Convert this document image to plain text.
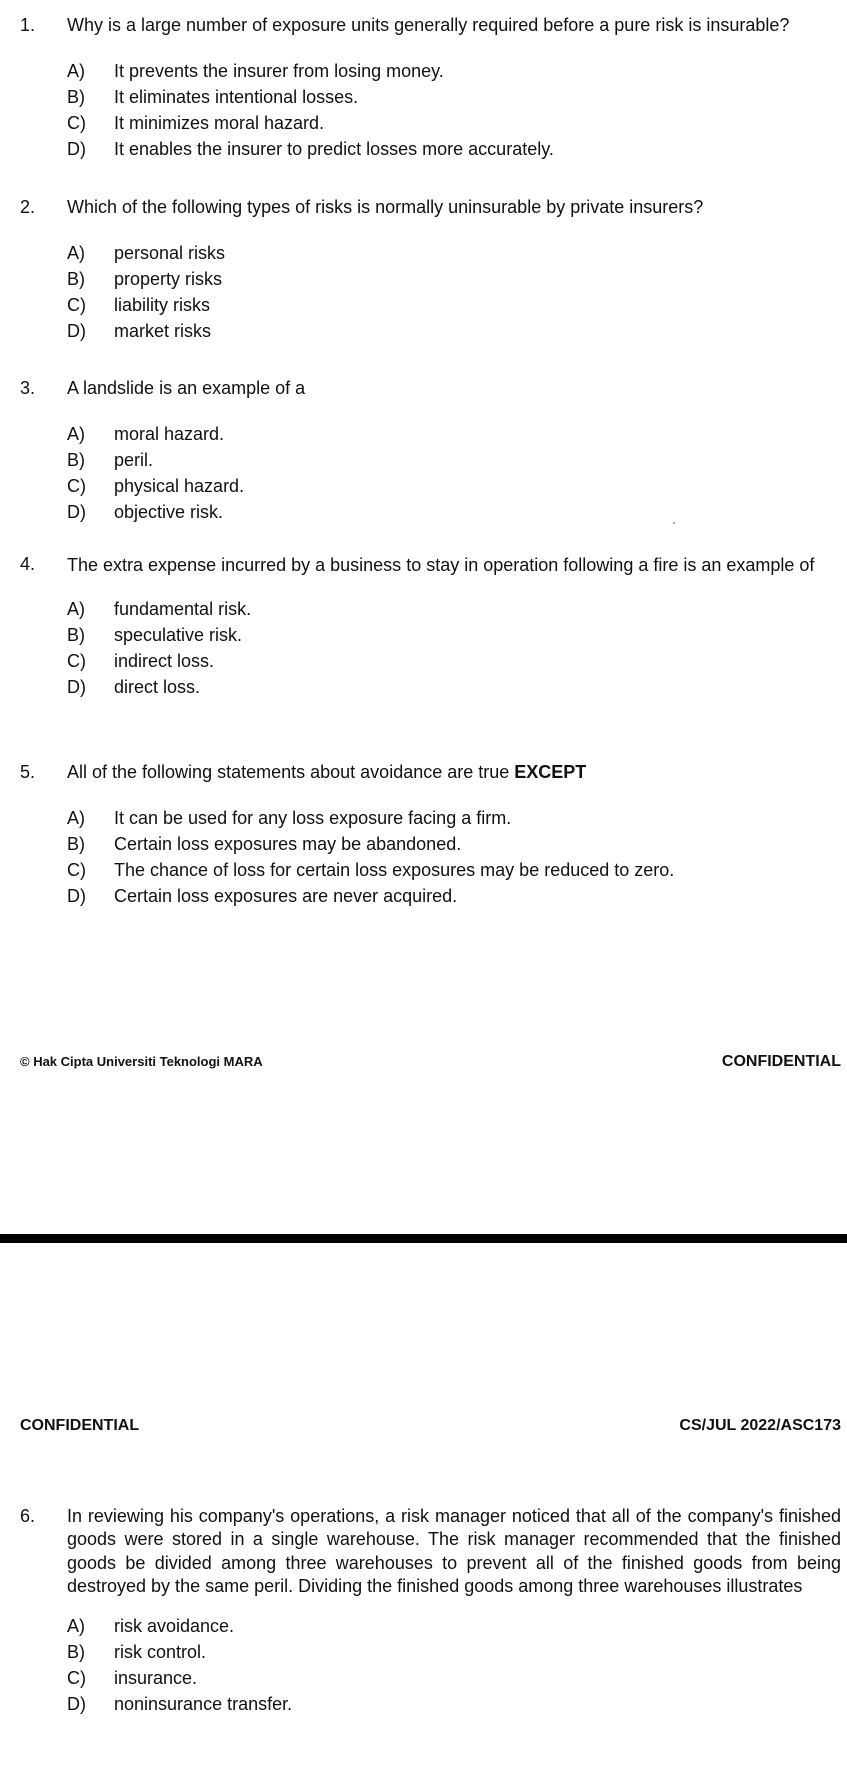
1. Why is a large number of exposure units generally required before a pure risk is insurable?
A) It prevents the insurer from losing money.
B) It eliminates intentional losses.
C) It minimizes moral hazard.
D) It enables the insurer to predict losses more accurately.
2. Which of the following types of risks is normally uninsurable by private insurers?
A) personal risks
B) property risks
C) liability risks
D) market risks
3. A landslide is an example of a
A) moral hazard.
B) peril.
C) physical hazard.
D) objective risk.
4. The extra expense incurred by a business to stay in operation following a fire is an example of
A) fundamental risk.
B) speculative risk.
C) indirect loss.
D) direct loss.
5. All of the following statements about avoidance are true EXCEPT
A) It can be used for any loss exposure facing a firm.
B) Certain loss exposures may be abandoned.
C) The chance of loss for certain loss exposures may be reduced to zero.
D) Certain loss exposures are never acquired.
© Hak Cipta Universiti Teknologi MARA	CONFIDENTIAL
CONFIDENTIAL	CS/JUL 2022/ASC173
6. In reviewing his company's operations, a risk manager noticed that all of the company's finished goods were stored in a single warehouse. The risk manager recommended that the finished goods be divided among three warehouses to prevent all of the finished goods from being destroyed by the same peril. Dividing the finished goods among three warehouses illustrates
A) risk avoidance.
B) risk control.
C) insurance.
D) noninsurance transfer.
